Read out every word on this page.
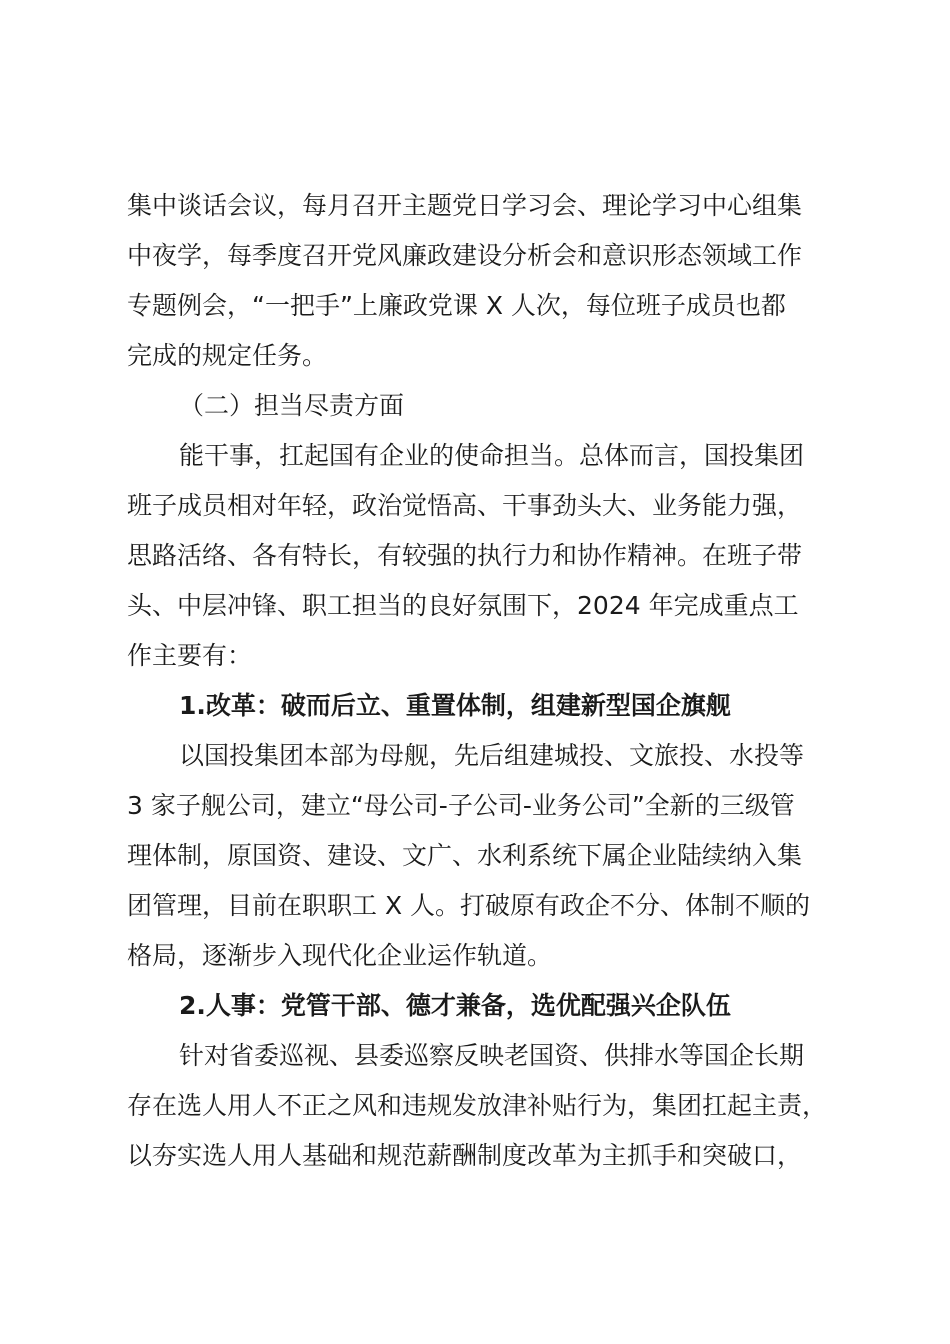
集中谈话会议，每月召开主题党日学习会、理论学习中心组集
中夜学，每季度召开党风廉政建设分析会和意识形态领域工作
专题例会，“一把手”上廉政党课 X 人次，每位班子成员也都
完成的规定任务。
（二）担当尽责方面
能干事，扛起国有企业的使命担当。总体而言，国投集团
班子成员相对年轻，政治觉悟高、干事劲头大、业务能力强，
思路活络、各有特长，有较强的执行力和协作精神。在班子带
头、中层冲锋、职工担当的良好氛围下，2024 年完成重点工
作主要有：
1.改革：破而后立、重置体制，组建新型国企旗舰
以国投集团本部为母舰，先后组建城投、文旅投、水投等
3 家子舰公司，建立“母公司-子公司-业务公司”全新的三级管
理体制，原国资、建设、文广、水利系统下属企业陆续纳入集
团管理，目前在职职工 X 人。打破原有政企不分、体制不顺的
格局，逐渐步入现代化企业运作轨道。
2.人事：党管干部、德才兼备，选优配强兴企队伍
针对省委巡视、县委巡察反映老国资、供排水等国企长期
存在选人用人不正之风和违规发放津补贴行为，集团扛起主责，
以夯实选人用人基础和规范薪酬制度改革为主抓手和突破口，
